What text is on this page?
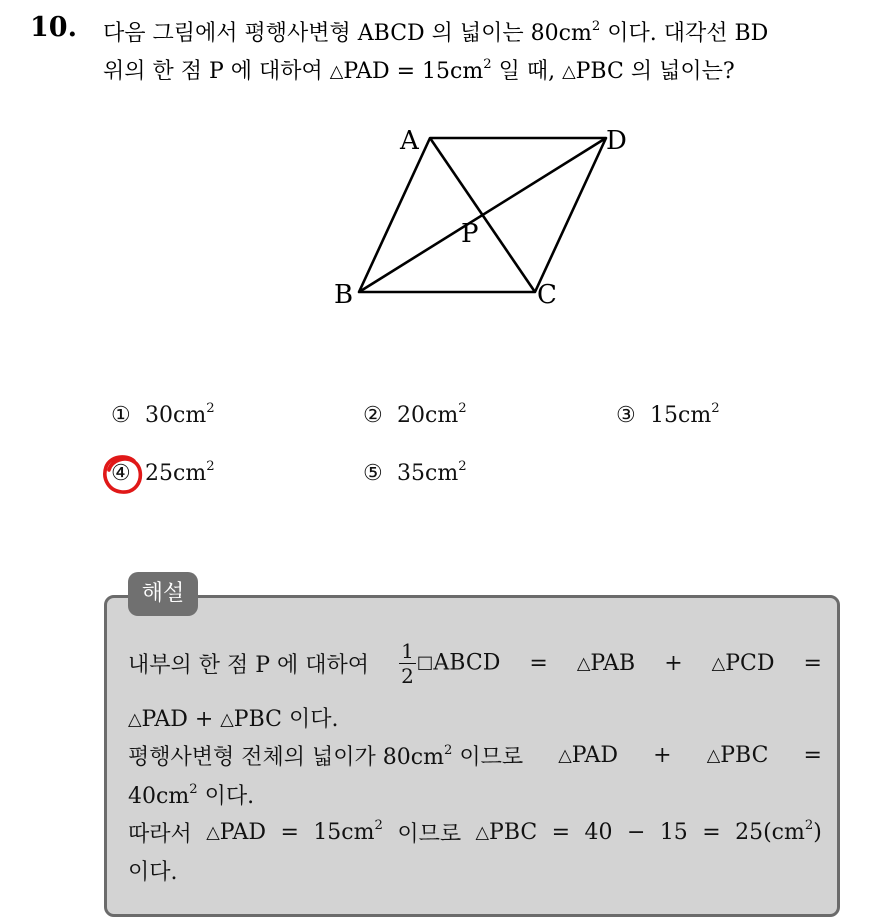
10. 다음 그림에서 평행사변형 ABCD 의 넓이는 $80cm^2$ 이다. 대각선 BD
위의 한 점 P 에 대하여 △PAD = $15cm^2$ 일 때, △PBC 의 넓이는?
A	D
P
B	C
① $30cm^2$	② $20cm^2$	③ $15cm^2$
④ $25cm^2$	⑤ $35cm^2$
해설
내부의 한 점 P 에 대하여 $\frac{1}{2}$ □ABCD = △PAB + △PCD =
△PAD + △PBC 이다.
평행사변형 전체의 넓이가 $80cm^2$ 이므로 △PAD + △PBC =
$40cm^2$ 이다.
따라서 △PAD = $15cm^2$ 이므로 △PBC = $40 - 15 = 25(cm^2)$
이다.
